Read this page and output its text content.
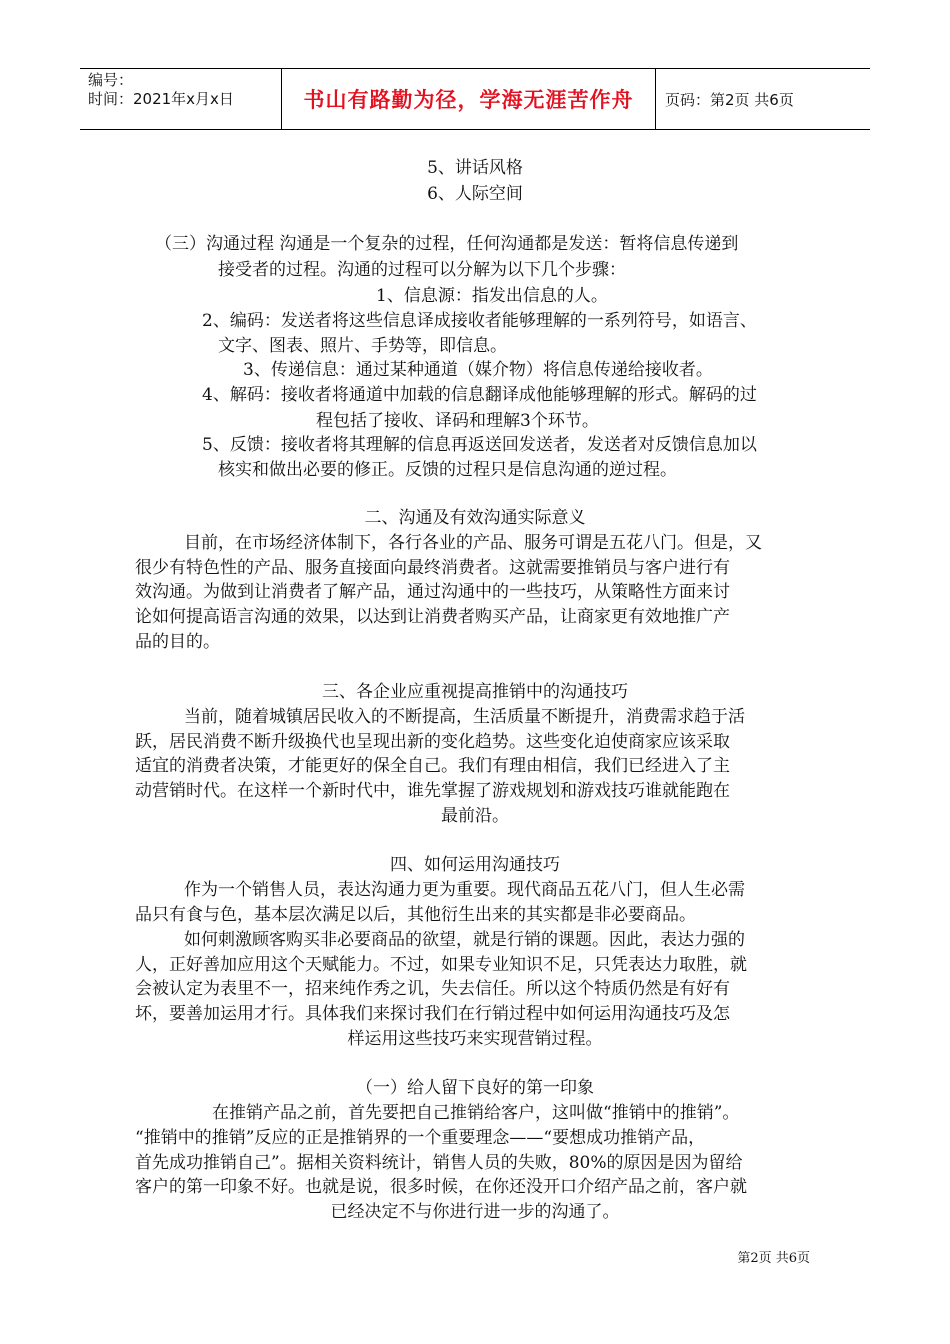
编号：
时间：2021年x月x日	书山有路勤为径，学海无涯苦作舟	页码：第2页 共6页
5、讲话风格
6、人际空间
（三）沟通过程 沟通是一个复杂的过程，任何沟通都是发送：暂将信息传递到
接受者的过程。沟通的过程可以分解为以下几个步骤：
1、信息源：指发出信息的人。
2、编码：发送者将这些信息译成接收者能够理解的一系列符号，如语言、
文字、图表、照片、手势等，即信息。
3、传递信息：通过某种通道（媒介物）将信息传递给接收者。
4、解码：接收者将通道中加载的信息翻译成他能够理解的形式。解码的过
程包括了接收、译码和理解3个环节。
5、反馈：接收者将其理解的信息再返送回发送者，发送者对反馈信息加以
核实和做出必要的修正。反馈的过程只是信息沟通的逆过程。
二、沟通及有效沟通实际意义
目前，在市场经济体制下，各行各业的产品、服务可谓是五花八门。但是，又
很少有特色性的产品、服务直接面向最终消费者。这就需要推销员与客户进行有
效沟通。为做到让消费者了解产品，通过沟通中的一些技巧，从策略性方面来讨
论如何提高语言沟通的效果，以达到让消费者购买产品，让商家更有效地推广产
品的目的。
三、各企业应重视提高推销中的沟通技巧
当前，随着城镇居民收入的不断提高，生活质量不断提升，消费需求趋于活
跃，居民消费不断升级换代也呈现出新的变化趋势。这些变化迫使商家应该采取
适宜的消费者决策，才能更好的保全自己。我们有理由相信，我们已经进入了主
动营销时代。在这样一个新时代中，谁先掌握了游戏规划和游戏技巧谁就能跑在
最前沿。
四、如何运用沟通技巧
作为一个销售人员，表达沟通力更为重要。现代商品五花八门，但人生必需
品只有食与色，基本层次满足以后，其他衍生出来的其实都是非必要商品。
如何刺激顾客购买非必要商品的欲望，就是行销的课题。因此，表达力强的
人，正好善加应用这个天赋能力。不过，如果专业知识不足，只凭表达力取胜，就
会被认定为表里不一，招来纯作秀之讥，失去信任。所以这个特质仍然是有好有
坏，要善加运用才行。具体我们来探讨我们在行销过程中如何运用沟通技巧及怎
样运用这些技巧来实现营销过程。
（一）给人留下良好的第一印象
在推销产品之前，首先要把自己推销给客户，这叫做“推销中的推销”。
“推销中的推销”反应的正是推销界的一个重要理念——“要想成功推销产品，
首先成功推销自己”。据相关资料统计，销售人员的失败，80%的原因是因为留给
客户的第一印象不好。也就是说，很多时候，在你还没开口介绍产品之前，客户就
已经决定不与你进行进一步的沟通了。
第2页 共6页
